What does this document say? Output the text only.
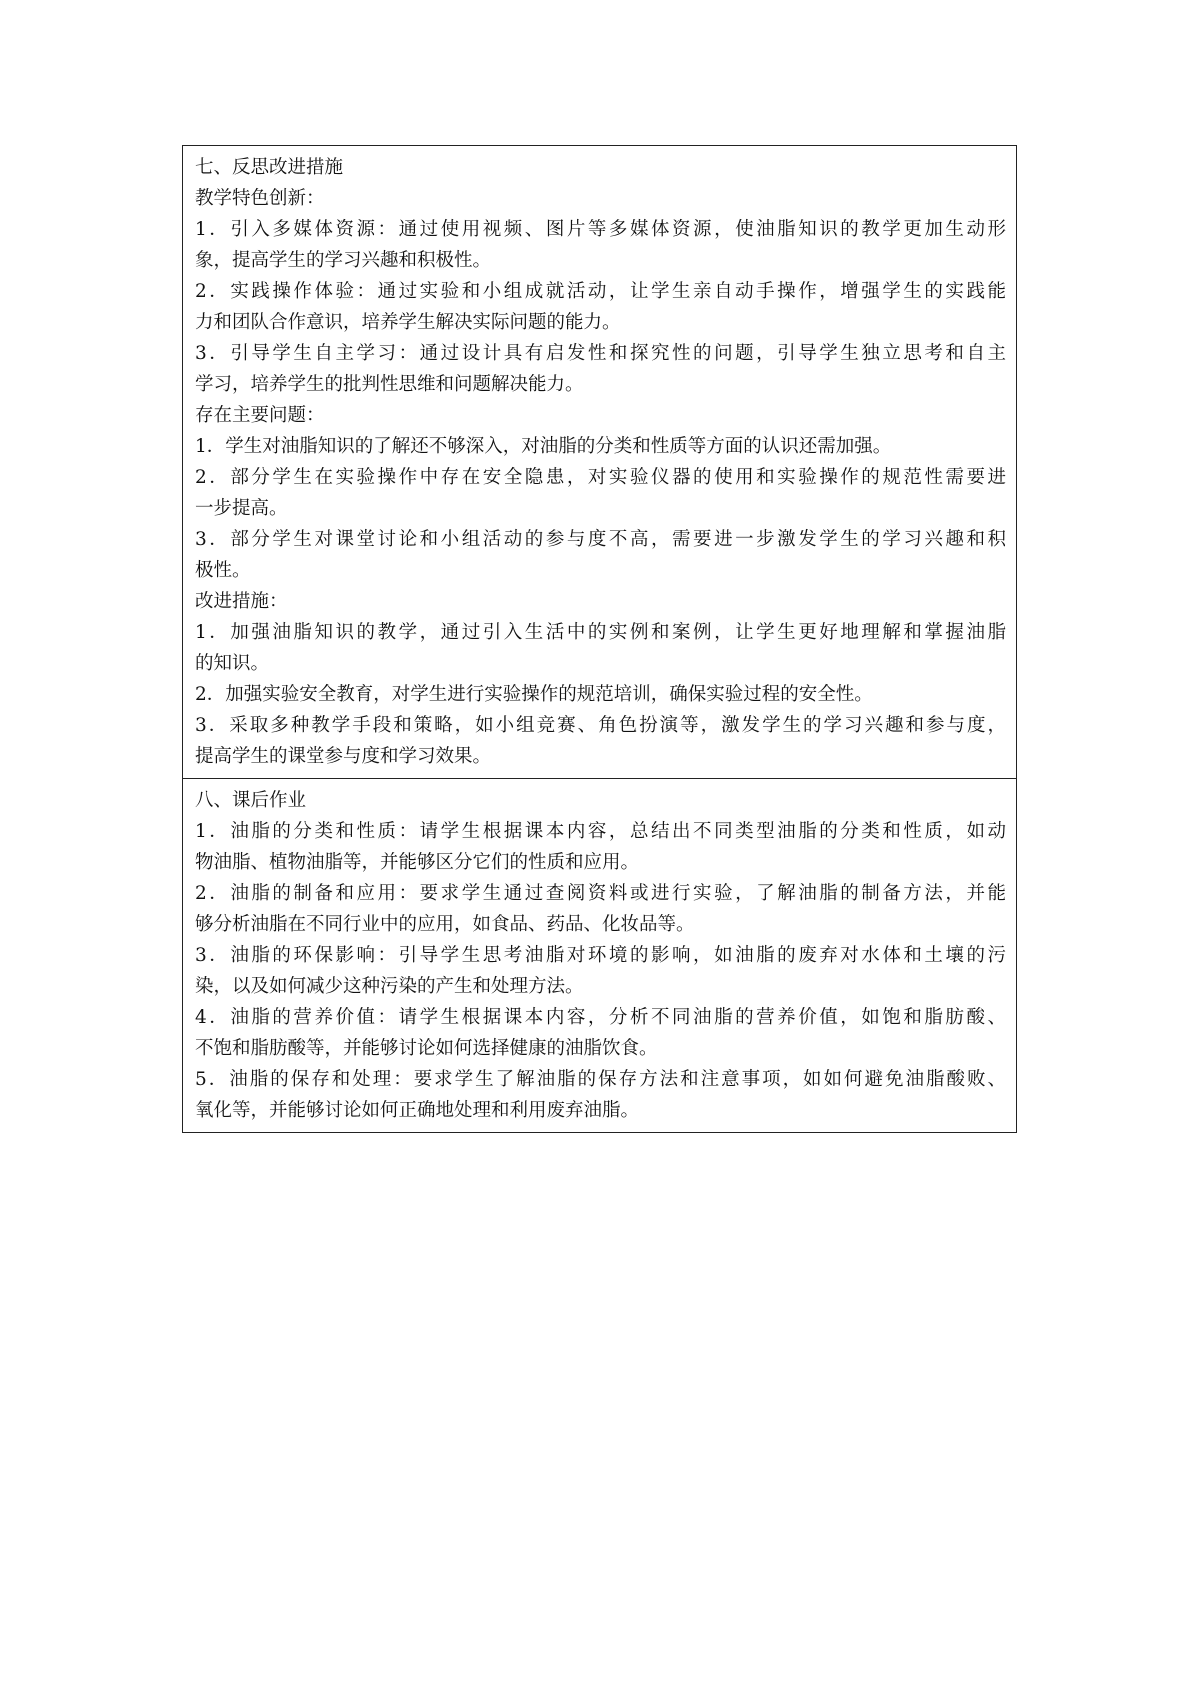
七、反思改进措施
教学特色创新：
1．引入多媒体资源：通过使用视频、图片等多媒体资源，使油脂知识的教学更加生动形
象，提高学生的学习兴趣和积极性。
2．实践操作体验：通过实验和小组成就活动，让学生亲自动手操作，增强学生的实践能
力和团队合作意识，培养学生解决实际问题的能力。
3．引导学生自主学习：通过设计具有启发性和探究性的问题，引导学生独立思考和自主
学习，培养学生的批判性思维和问题解决能力。
存在主要问题：
1．学生对油脂知识的了解还不够深入，对油脂的分类和性质等方面的认识还需加强。
2．部分学生在实验操作中存在安全隐患，对实验仪器的使用和实验操作的规范性需要进
一步提高。
3．部分学生对课堂讨论和小组活动的参与度不高，需要进一步激发学生的学习兴趣和积
极性。
改进措施：
1．加强油脂知识的教学，通过引入生活中的实例和案例，让学生更好地理解和掌握油脂
的知识。
2．加强实验安全教育，对学生进行实验操作的规范培训，确保实验过程的安全性。
3．采取多种教学手段和策略，如小组竞赛、角色扮演等，激发学生的学习兴趣和参与度，
提高学生的课堂参与度和学习效果。
八、课后作业
1．油脂的分类和性质：请学生根据课本内容，总结出不同类型油脂的分类和性质，如动
物油脂、植物油脂等，并能够区分它们的性质和应用。
2．油脂的制备和应用：要求学生通过查阅资料或进行实验，了解油脂的制备方法，并能
够分析油脂在不同行业中的应用，如食品、药品、化妆品等。
3．油脂的环保影响：引导学生思考油脂对环境的影响，如油脂的废弃对水体和土壤的污
染，以及如何减少这种污染的产生和处理方法。
4．油脂的营养价值：请学生根据课本内容，分析不同油脂的营养价值，如饱和脂肪酸、
不饱和脂肪酸等，并能够讨论如何选择健康的油脂饮食。
5．油脂的保存和处理：要求学生了解油脂的保存方法和注意事项，如如何避免油脂酸败、
氧化等，并能够讨论如何正确地处理和利用废弃油脂。
